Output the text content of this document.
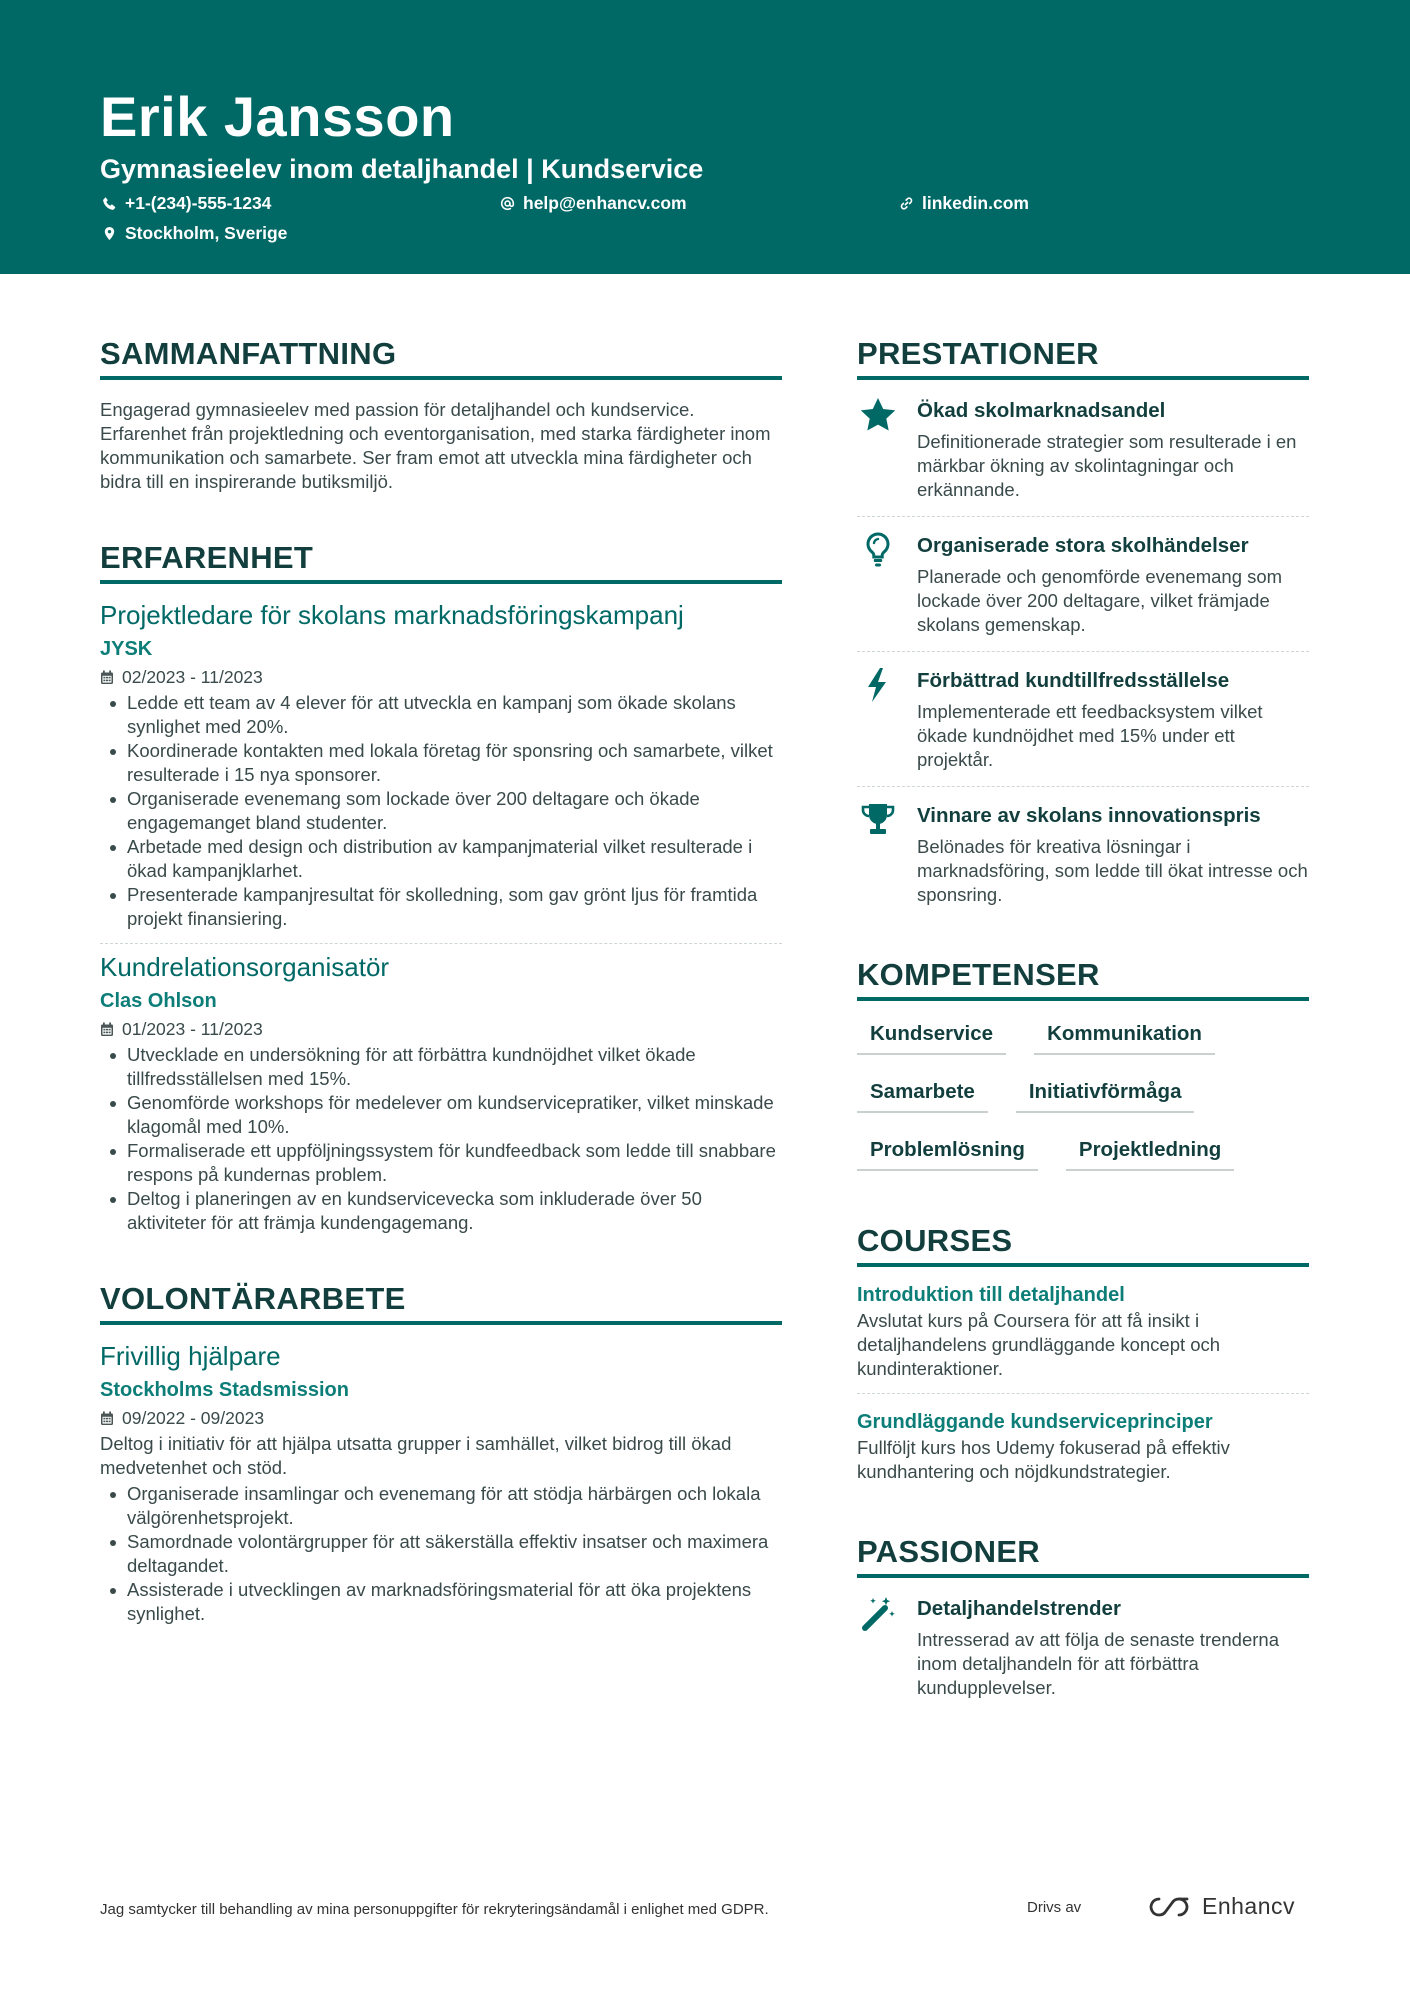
Erik Jansson
Gymnasieelev inom detaljhandel | Kundservice
+1-(234)-555-1234	help@enhancv.com	linkedin.com
Stockholm, Sverige
SAMMANFATTNING
Engagerad gymnasieelev med passion för detaljhandel och kundservice. Erfarenhet från projektledning och eventorganisation, med starka färdigheter inom kommunikation och samarbete. Ser fram emot att utveckla mina färdigheter och bidra till en inspirerande butiksmiljö.
ERFARENHET
Projektledare för skolans marknadsföringskampanj
JYSK
02/2023 - 11/2023
Ledde ett team av 4 elever för att utveckla en kampanj som ökade skolans synlighet med 20%.
Koordinerade kontakten med lokala företag för sponsring och samarbete, vilket resulterade i 15 nya sponsorer.
Organiserade evenemang som lockade över 200 deltagare och ökade engagemanget bland studenter.
Arbetade med design och distribution av kampanjmaterial vilket resulterade i ökad kampanjklarhet.
Presenterade kampanjresultat för skolledning, som gav grönt ljus för framtida projekt finansiering.
Kundrelationsorganisatör
Clas Ohlson
01/2023 - 11/2023
Utvecklade en undersökning för att förbättra kundnöjdhet vilket ökade tillfredsställelsen med 15%.
Genomförde workshops för medelever om kundservicepratiker, vilket minskade klagomål med 10%.
Formaliserade ett uppföljningssystem för kundfeedback som ledde till snabbare respons på kundernas problem.
Deltog i planeringen av en kundservicevecka som inkluderade över 50 aktiviteter för att främja kundengagemang.
VOLONTÄRARBETE
Frivillig hjälpare
Stockholms Stadsmission
09/2022 - 09/2023
Deltog i initiativ för att hjälpa utsatta grupper i samhället, vilket bidrog till ökad medvetenhet och stöd.
Organiserade insamlingar och evenemang för att stödja härbärgen och lokala välgörenhetsprojekt.
Samordnade volontärgrupper för att säkerställa effektiv insatser och maximera deltagandet.
Assisterade i utvecklingen av marknadsföringsmaterial för att öka projektens synlighet.
PRESTATIONER
Ökad skolmarknadsandel
Definitionerade strategier som resulterade i en märkbar ökning av skolintagningar och erkännande.
Organiserade stora skolhändelser
Planerade och genomförde evenemang som lockade över 200 deltagare, vilket främjade skolans gemenskap.
Förbättrad kundtillfredsställelse
Implementerade ett feedbacksystem vilket ökade kundnöjdhet med 15% under ett projektår.
Vinnare av skolans innovationspris
Belönades för kreativa lösningar i marknadsföring, som ledde till ökat intresse och sponsring.
KOMPETENSER
Kundservice	Kommunikation
Samarbete	Initiativförmåga
Problemlösning	Projektledning
COURSES
Introduktion till detaljhandel
Avslutat kurs på Coursera för att få insikt i detaljhandelens grundläggande koncept och kundinteraktioner.
Grundläggande kundserviceprinciper
Fullföljt kurs hos Udemy fokuserad på effektiv kundhantering och nöjdkundstrategier.
PASSIONER
Detaljhandelstrender
Intresserad av att följa de senaste trenderna inom detaljhandeln för att förbättra kundupplevelser.
Jag samtycker till behandling av mina personuppgifter för rekryteringsändamål i enlighet med GDPR.	Drivs av	Enhancv
